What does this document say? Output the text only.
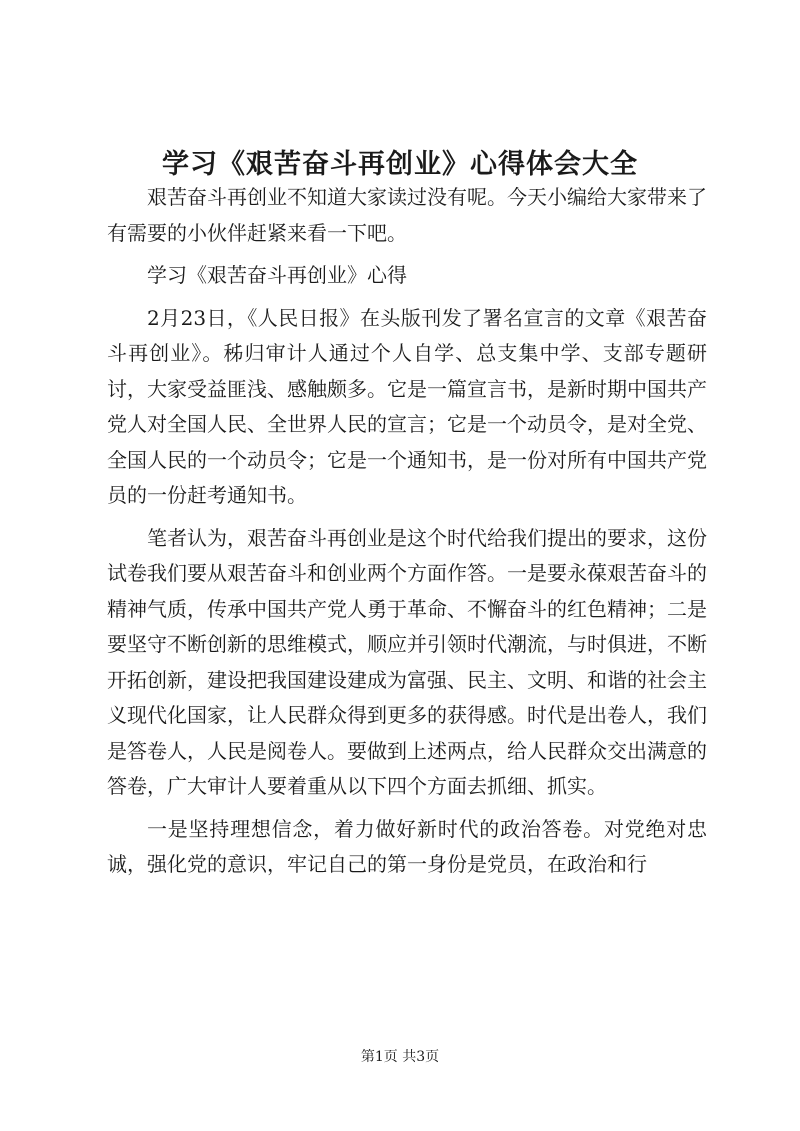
学习《艰苦奋斗再创业》心得体会大全

艰苦奋斗再创业不知道大家读过没有呢。今天小编给大家带来了有需要的小伙伴赶紧来看一下吧。

学习《艰苦奋斗再创业》心得

2月23日，《人民日报》在头版刊发了署名宣言的文章《艰苦奋斗再创业》。秭归审计人通过个人自学、总支集中学、支部专题研讨，大家受益匪浅、感触颇多。它是一篇宣言书，是新时期中国共产党人对全国人民、全世界人民的宣言；它是一个动员令，是对全党、全国人民的一个动员令；它是一个通知书，是一份对所有中国共产党员的一份赶考通知书。

笔者认为，艰苦奋斗再创业是这个时代给我们提出的要求，这份试卷我们要从艰苦奋斗和创业两个方面作答。一是要永葆艰苦奋斗的精神气质，传承中国共产党人勇于革命、不懈奋斗的红色精神；二是要坚守不断创新的思维模式，顺应并引领时代潮流，与时俱进，不断开拓创新，建设把我国建设建成为富强、民主、文明、和谐的社会主义现代化国家，让人民群众得到更多的获得感。时代是出卷人，我们是答卷人，人民是阅卷人。要做到上述两点，给人民群众交出满意的答卷，广大审计人要着重从以下四个方面去抓细、抓实。

一是坚持理想信念，着力做好新时代的政治答卷。对党绝对忠诚，强化党的意识，牢记自己的第一身份是党员，在政治和行

第1页 共3页
